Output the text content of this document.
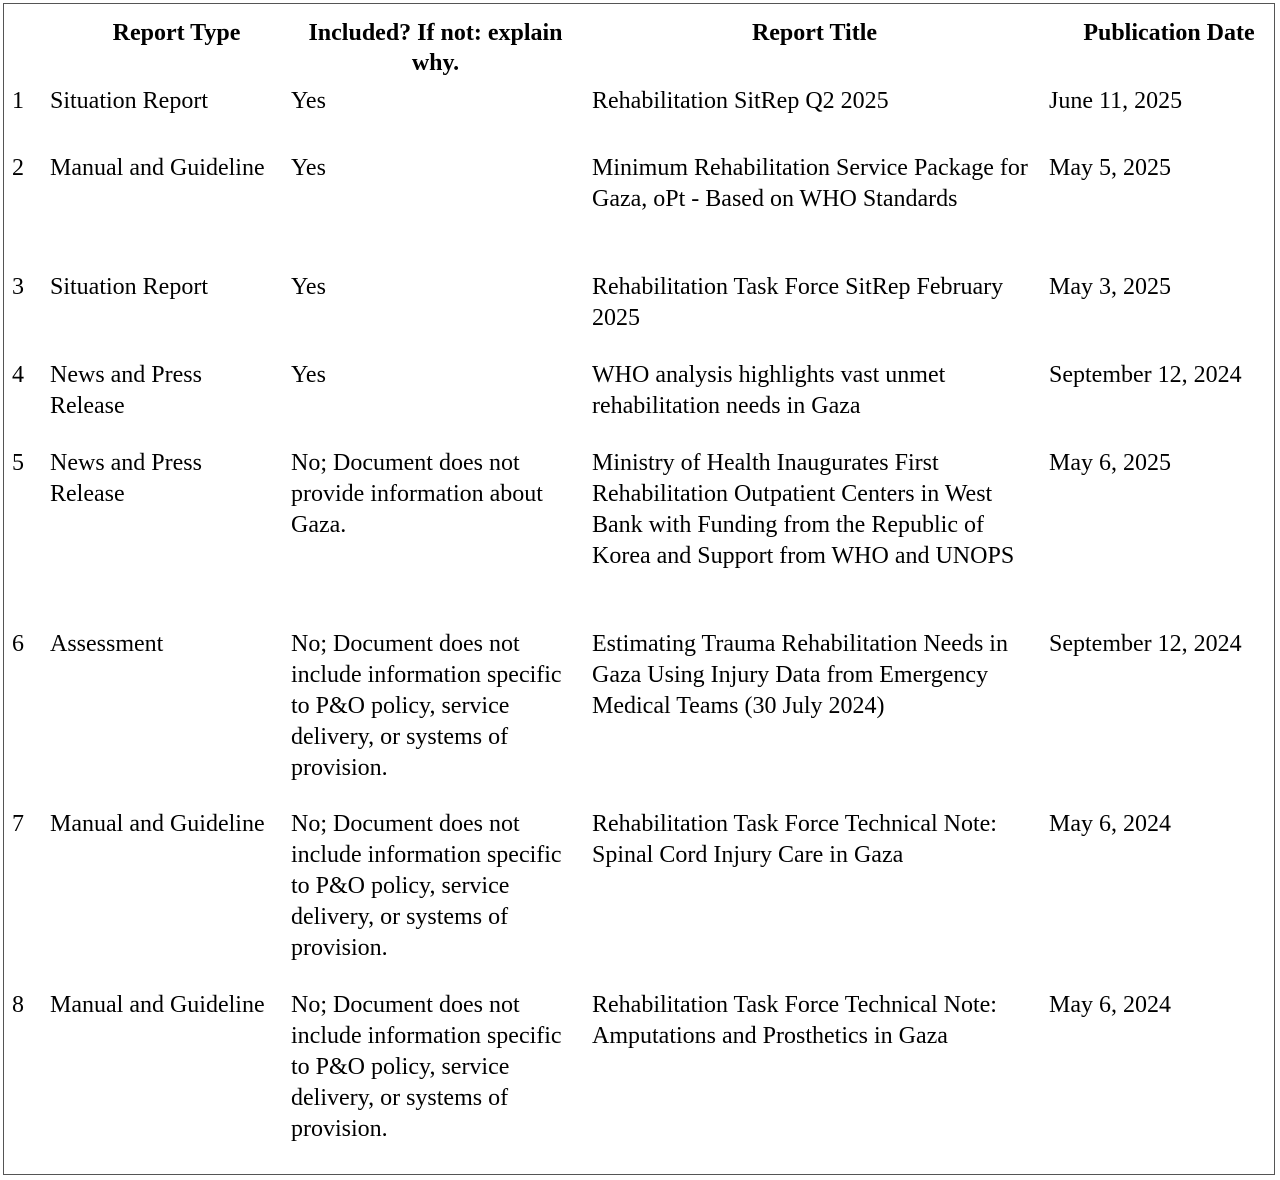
	Report Type	Included? If not: explain why.	Report Title	Publication Date
1	Situation Report	Yes	Rehabilitation SitRep Q2 2025	June 11, 2025
2	Manual and Guideline	Yes	Minimum Rehabilitation Service Package for Gaza, oPt - Based on WHO Standards	May 5, 2025
3	Situation Report	Yes	Rehabilitation Task Force SitRep February 2025	May 3, 2025
4	News and Press Release	Yes	WHO analysis highlights vast unmet rehabilitation needs in Gaza	September 12, 2024
5	News and Press Release	No; Document does not provide information about Gaza.	Ministry of Health Inaugurates First Rehabilitation Outpatient Centers in West Bank with Funding from the Republic of Korea and Support from WHO and UNOPS	May 6, 2025
6	Assessment	No; Document does not include information specific to P&O policy, service delivery, or systems of provision.	Estimating Trauma Rehabilitation Needs in Gaza Using Injury Data from Emergency Medical Teams (30 July 2024)	September 12, 2024
7	Manual and Guideline	No; Document does not include information specific to P&O policy, service delivery, or systems of provision.	Rehabilitation Task Force Technical Note: Spinal Cord Injury Care in Gaza	May 6, 2024
8	Manual and Guideline	No; Document does not include information specific to P&O policy, service delivery, or systems of provision.	Rehabilitation Task Force Technical Note: Amputations and Prosthetics in Gaza	May 6, 2024
